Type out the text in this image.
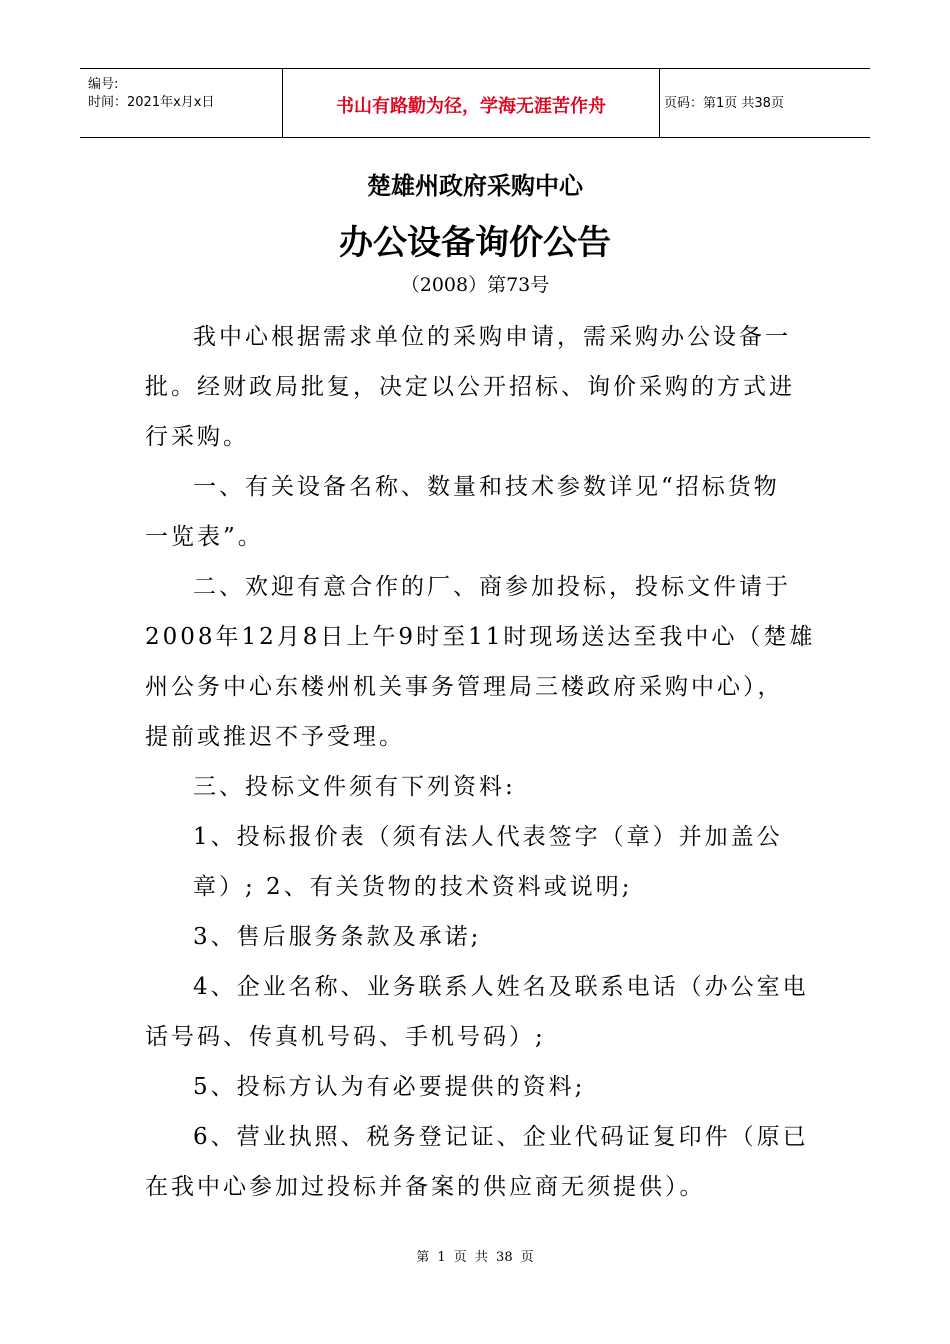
编号:
时间：2021年x月x日	书山有路勤为径，学海无涯苦作舟	页码：第1页 共38页
楚雄州政府采购中心
办公设备询价公告
（2008）第73号
我中心根据需求单位的采购申请，需采购办公设备一
批。经财政局批复，决定以公开招标、询价采购的方式进
行采购。
一、有关设备名称、数量和技术参数详见“招标货物
一览表”。
二、欢迎有意合作的厂、商参加投标，投标文件请于
2008年12月8日上午9时至11时现场送达至我中心（楚雄
州公务中心东楼州机关事务管理局三楼政府采购中心），
提前或推迟不予受理。
三、投标文件须有下列资料:
1、投标报价表（须有法人代表签字（章）并加盖公
章）; 2、有关货物的技术资料或说明;
3、售后服务条款及承诺;
4、企业名称、业务联系人姓名及联系电话（办公室电
话号码、传真机号码、手机号码）;
5、投标方认为有必要提供的资料;
6、营业执照、税务登记证、企业代码证复印件（原已
在我中心参加过投标并备案的供应商无须提供）。
第 1 页 共 38 页
